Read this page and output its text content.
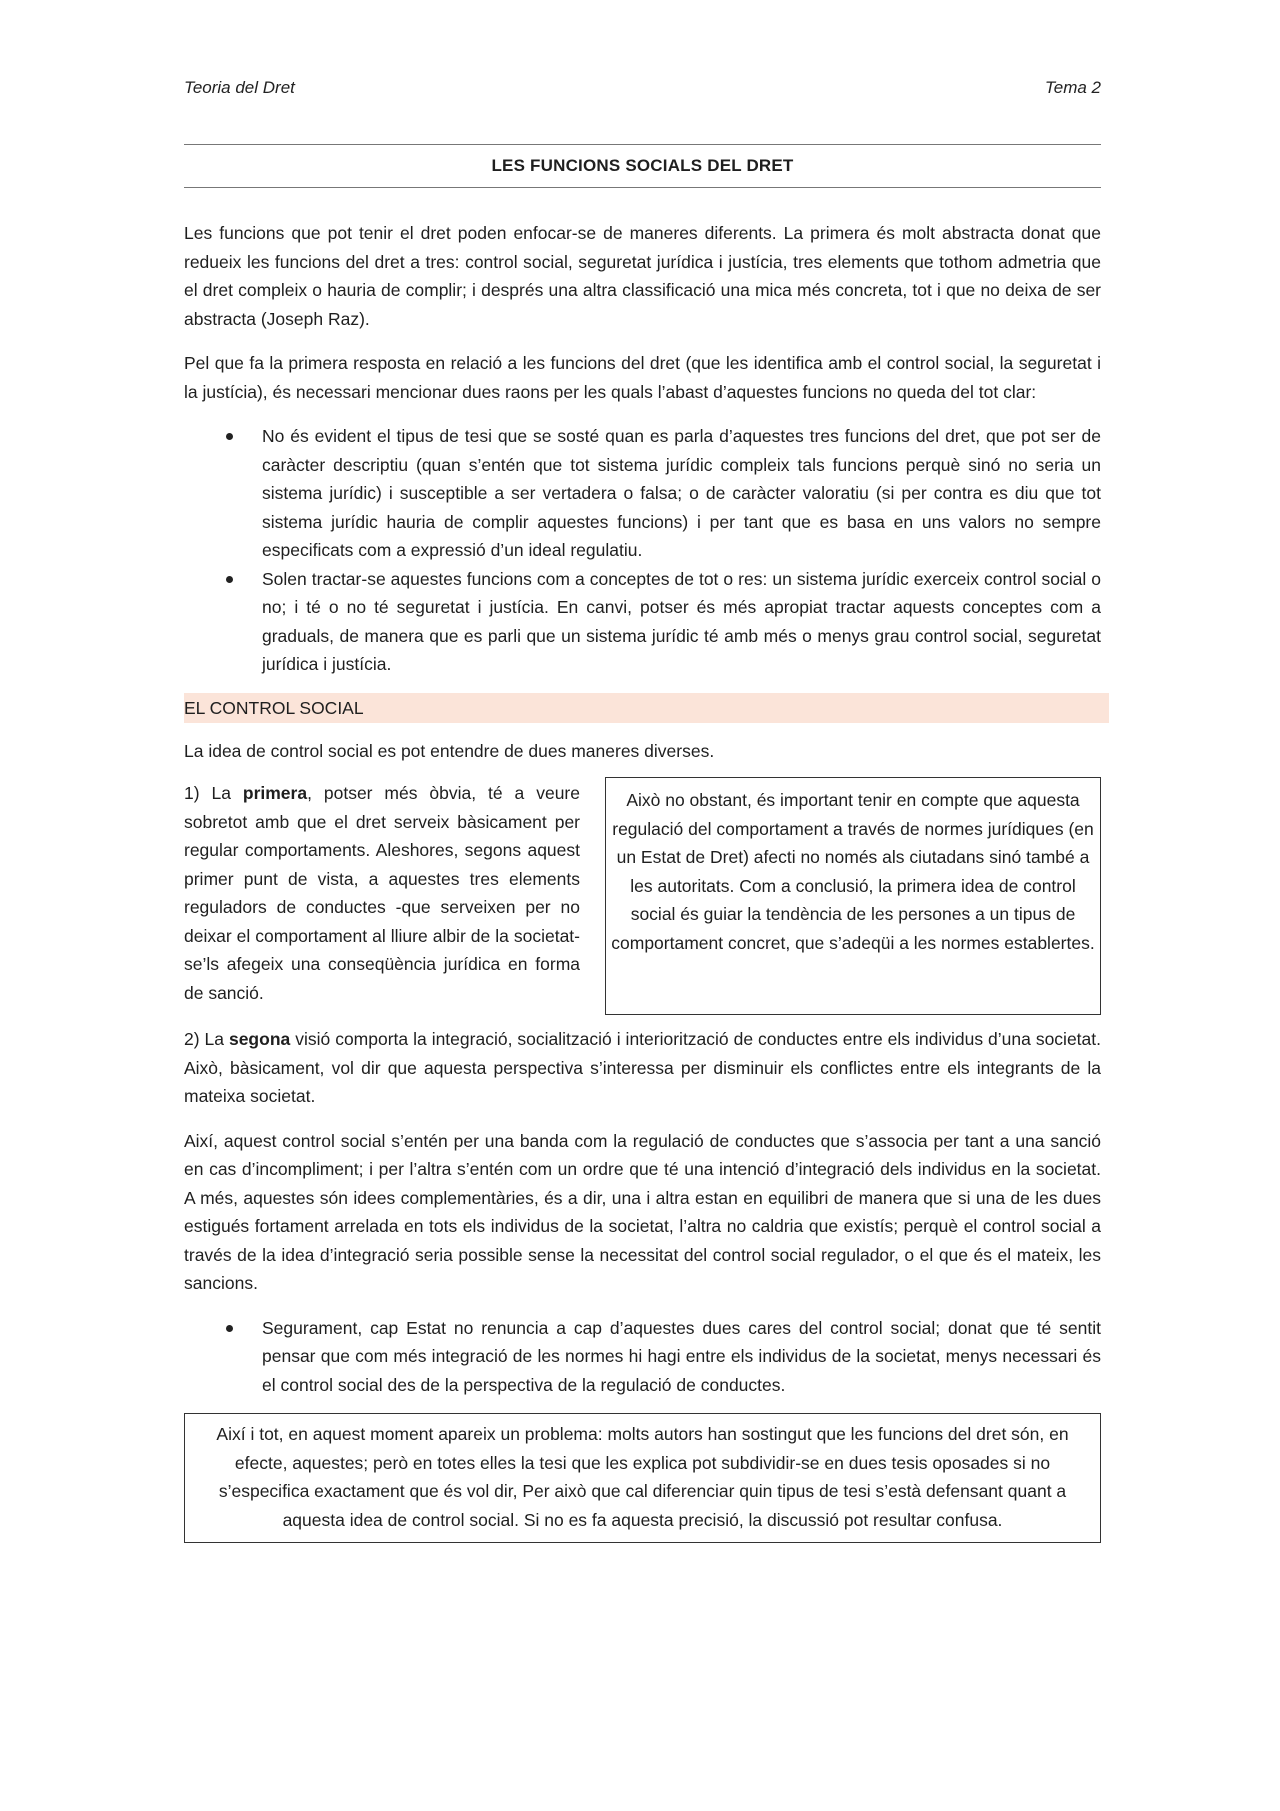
Teoria del Dret	Tema 2
LES FUNCIONS SOCIALS DEL DRET

Les funcions que pot tenir el dret poden enfocar-se de maneres diferents. La primera és molt abstracta donat que redueix les funcions del dret a tres: control social, seguretat jurídica i justícia, tres elements que tothom admetria que el dret compleix o hauria de complir; i després una altra classificació una mica més concreta, tot i que no deixa de ser abstracta (Joseph Raz).

Pel que fa la primera resposta en relació a les funcions del dret (que les identifica amb el control social, la seguretat i la justícia), és necessari mencionar dues raons per les quals l’abast d’aquestes funcions no queda del tot clar:

No és evident el tipus de tesi que se sosté quan es parla d’aquestes tres funcions del dret, que pot ser de caràcter descriptiu (quan s’entén que tot sistema jurídic compleix tals funcions perquè sinó no seria un sistema jurídic) i susceptible a ser vertadera o falsa; o de caràcter valoratiu (si per contra es diu que tot sistema jurídic hauria de complir aquestes funcions) i per tant que es basa en uns valors no sempre especificats com a expressió d’un ideal regulatiu.
Solen tractar-se aquestes funcions com a conceptes de tot o res: un sistema jurídic exerceix control social o no; i té o no té seguretat i justícia. En canvi, potser és més apropiat tractar aquests conceptes com a graduals, de manera que es parli que un sistema jurídic té amb més o menys grau control social, seguretat jurídica i justícia.
EL CONTROL SOCIAL

La idea de control social es pot entendre de dues maneres diverses.

1) La primera, potser més òbvia, té a veure sobretot amb que el dret serveix bàsicament per regular comportaments. Aleshores, segons aquest primer punt de vista, a aquestes tres elements reguladors de conductes -que serveixen per no deixar el comportament al lliure albir de la societat- se’ls afegeix una conseqüència jurídica en forma de sanció.

Això no obstant, és important tenir en compte que aquesta regulació del comportament a través de normes jurídiques (en un Estat de Dret) afecti no només als ciutadans sinó també a les autoritats. Com a conclusió, la primera idea de control social és guiar la tendència de les persones a un tipus de comportament concret, que s’adeqüi a les normes establertes.

2) La segona visió comporta la integració, socialització i interiorització de conductes entre els individus d’una societat. Això, bàsicament, vol dir que aquesta perspectiva s’interessa per disminuir els conflictes entre els integrants de la mateixa societat.

Així, aquest control social s’entén per una banda com la regulació de conductes que s’associa per tant a una sanció en cas d’incompliment; i per l’altra s’entén com un ordre que té una intenció d’integració dels individus en la societat. A més, aquestes són idees complementàries, és a dir, una i altra estan en equilibri de manera que si una de les dues estigués fortament arrelada en tots els individus de la societat, l’altra no caldria que existís; perquè el control social a través de la idea d’integració seria possible sense la necessitat del control social regulador, o el que és el mateix, les sancions.

Segurament, cap Estat no renuncia a cap d’aquestes dues cares del control social; donat que té sentit pensar que com més integració de les normes hi hagi entre els individus de la societat, menys necessari és el control social des de la perspectiva de la regulació de conductes.
Així i tot, en aquest moment apareix un problema: molts autors han sostingut que les funcions del dret són, en efecte, aquestes; però en totes elles la tesi que les explica pot subdividir-se en dues tesis oposades si no s’especifica exactament que és vol dir, Per això que cal diferenciar quin tipus de tesi s’està defensant quant a aquesta idea de control social. Si no es fa aquesta precisió, la discussió pot resultar confusa.
